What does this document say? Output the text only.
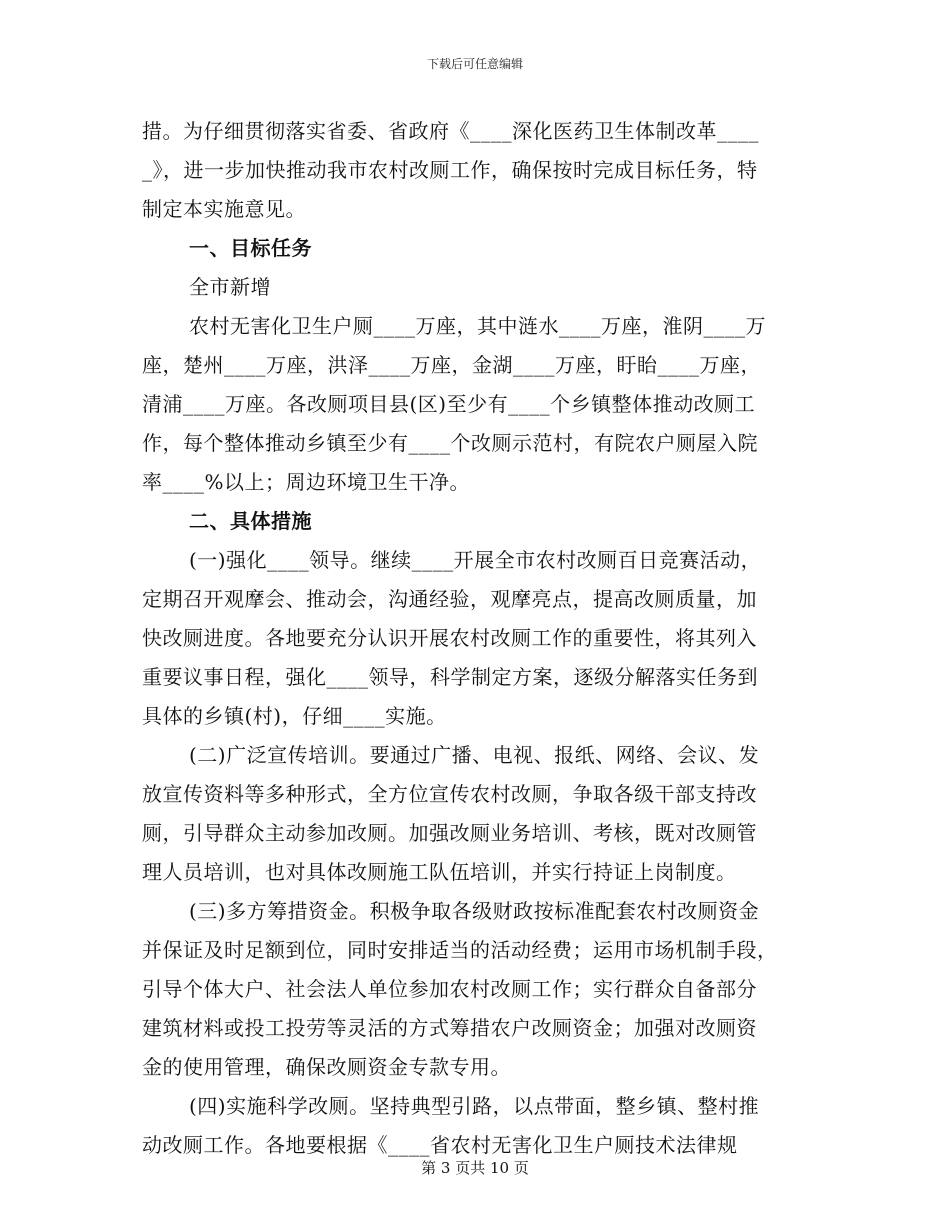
下载后可任意编辑
措。为仔细贯彻落实省委、省政府《____深化医药卫生体制改革____
_》，进一步加快推动我市农村改厕工作，确保按时完成目标任务，特
制定本实施意见。
一、目标任务
全市新增
农村无害化卫生户厕____万座，其中涟水____万座，淮阴____万
座，楚州____万座，洪泽____万座，金湖____万座，盱眙____万座，
清浦____万座。各改厕项目县(区)至少有____个乡镇整体推动改厕工
作，每个整体推动乡镇至少有____个改厕示范村，有院农户厕屋入院
率____%以上；周边环境卫生干净。
二、具体措施
(一)强化____领导。继续____开展全市农村改厕百日竞赛活动，
定期召开观摩会、推动会，沟通经验，观摩亮点，提高改厕质量，加
快改厕进度。各地要充分认识开展农村改厕工作的重要性，将其列入
重要议事日程，强化____领导，科学制定方案，逐级分解落实任务到
具体的乡镇(村)，仔细____实施。
(二)广泛宣传培训。要通过广播、电视、报纸、网络、会议、发
放宣传资料等多种形式，全方位宣传农村改厕，争取各级干部支持改
厕，引导群众主动参加改厕。加强改厕业务培训、考核，既对改厕管
理人员培训，也对具体改厕施工队伍培训，并实行持证上岗制度。
(三)多方筹措资金。积极争取各级财政按标准配套农村改厕资金
并保证及时足额到位，同时安排适当的活动经费；运用市场机制手段，
引导个体大户、社会法人单位参加农村改厕工作；实行群众自备部分
建筑材料或投工投劳等灵活的方式筹措农户改厕资金；加强对改厕资
金的使用管理，确保改厕资金专款专用。
(四)实施科学改厕。坚持典型引路，以点带面，整乡镇、整村推
动改厕工作。各地要根据《____省农村无害化卫生户厕技术法律规
第 3 页共 10 页
